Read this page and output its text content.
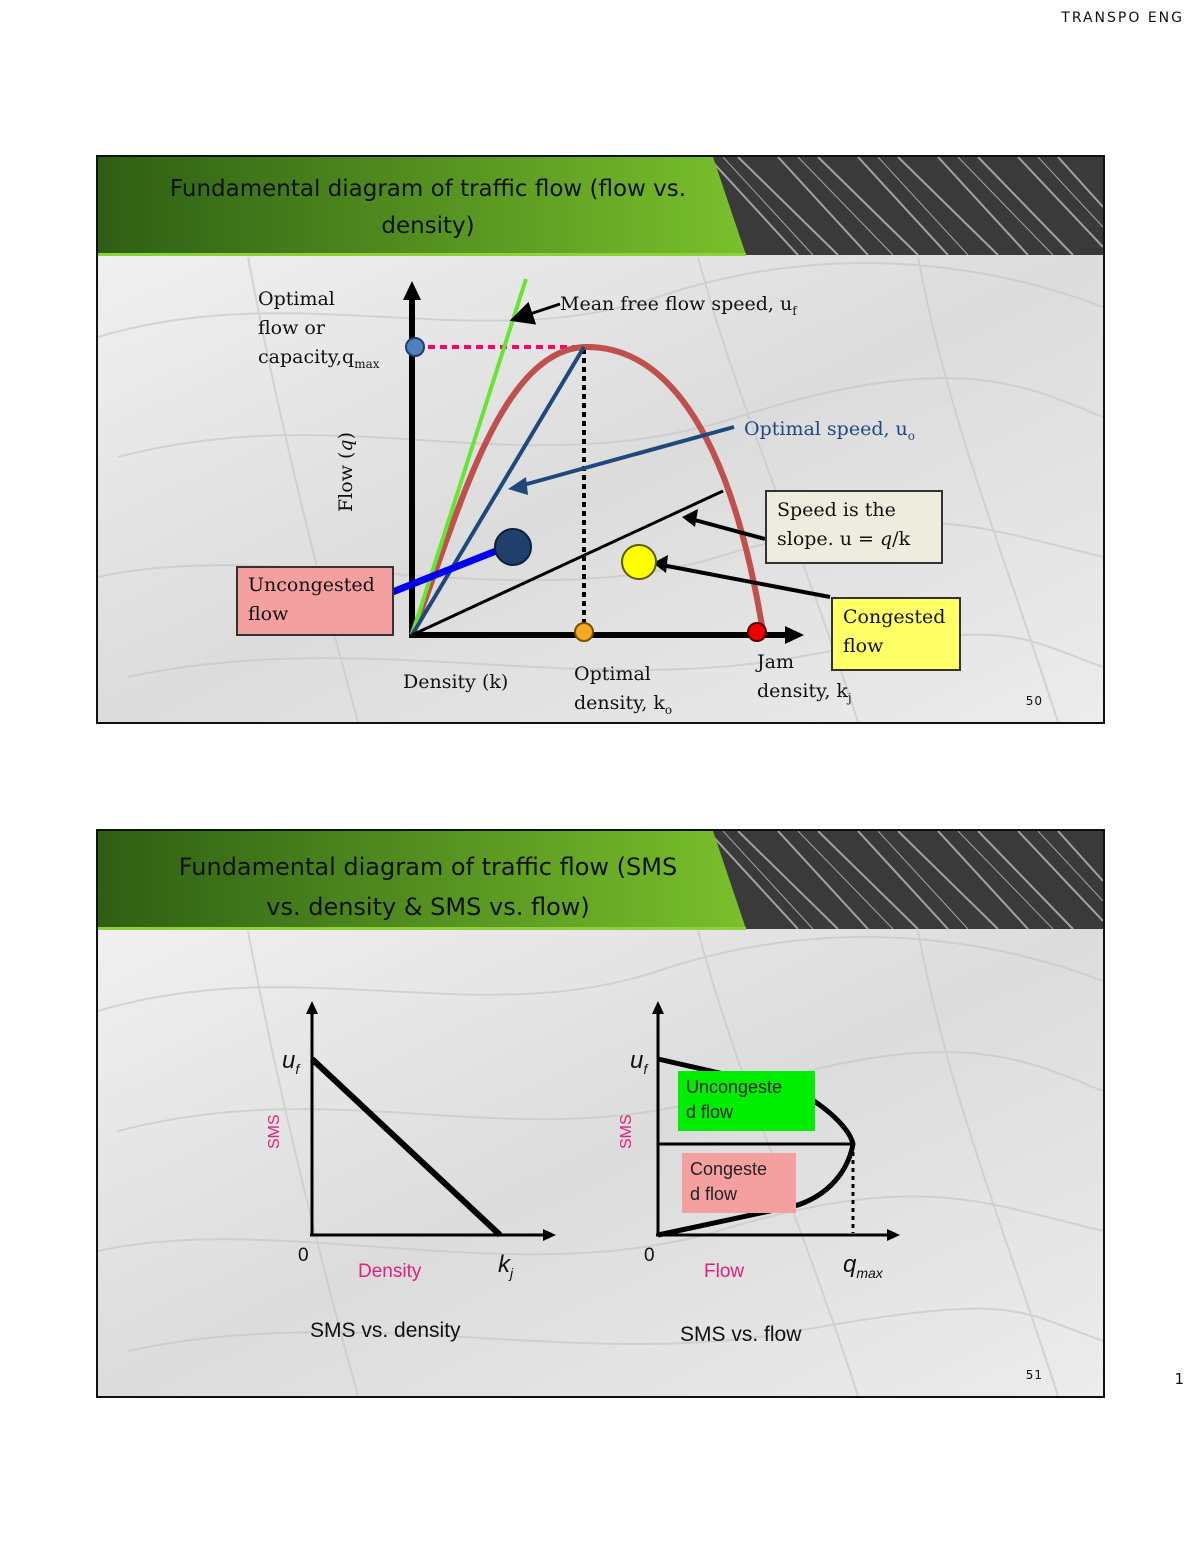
TRANSPO ENG
Fundamental diagram of traffic flow (flow vs.
density)
Flow (q)
Optimal
flow or
$capacity,q_{max}$
Mean free flow speed, $u_f$
Optimal speed, $u_o$
Speed is the
slope. u = q/k
Uncongested
flow	Congested
flow
Density (k)	Optimal
density, $k_o$
Jam
density, $k_j$	50
Fundamental diagram of traffic flow (SMS
vs. density & SMS vs. flow)
$u_f$
SMS
0
Density	$k_j$
SMS vs. density
$u_f$
SMS
0
Flow	$q_{max}$
SMS vs. flow
Uncongeste
d flow
Congeste
d flow
51	1
